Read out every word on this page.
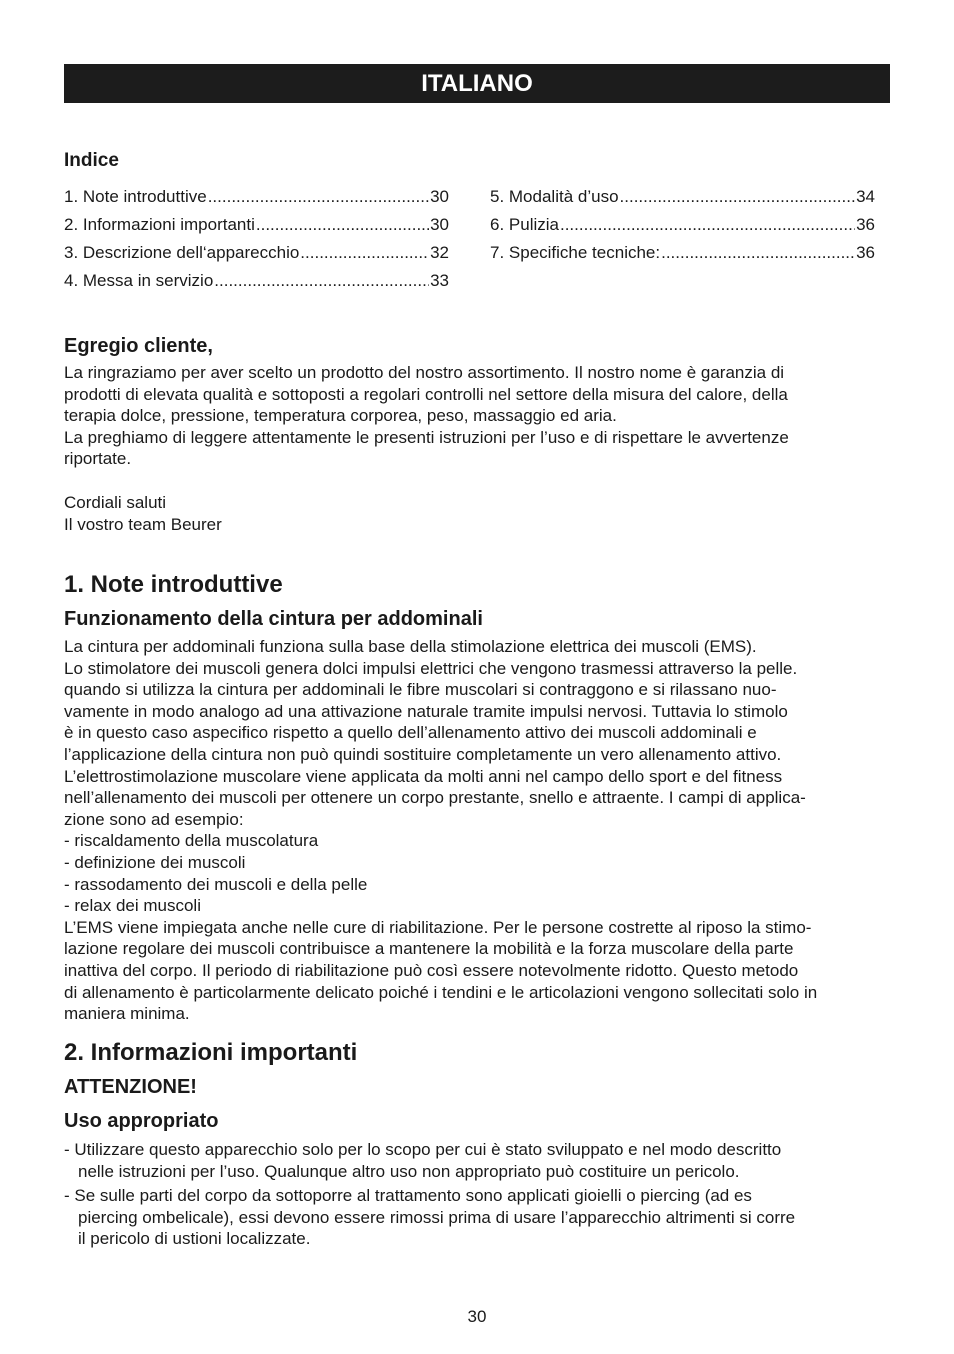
ITALIANO
Indice
1. Note introduttive .....	30
2. Informazioni importanti .....	30
3. Descrizione dell‘apparecchio .....	32
4. Messa in servizio .....	33
5. Modalità d’uso .....	34
6. Pulizia .....	36
7. Specifiche tecniche: .....	36
Egregio cliente,

La ringraziamo per aver scelto un prodotto del nostro assortimento. Il nostro nome è garanzia di

prodotti di elevata qualità e sottoposti a regolari controlli nel settore della misura del calore, della

terapia dolce, pressione, temperatura corporea, peso, massaggio ed aria.

La preghiamo di leggere attentamente le presenti istruzioni per l’uso e di rispettare le avvertenze

riportate.

Cordiali saluti

Il vostro team Beurer

1. Note introduttive
Funzionamento della cintura per addominali

La cintura per addominali funziona sulla base della stimolazione elettrica dei muscoli (EMS).

Lo stimolatore dei muscoli genera dolci impulsi elettrici che vengono trasmessi attraverso la pelle.

quando si utilizza la cintura per addominali le fibre muscolari si contraggono e si rilassano nuo-

vamente in modo analogo ad una attivazione naturale tramite impulsi nervosi. Tuttavia lo stimolo

è in questo caso aspecifico rispetto a quello dell’allenamento attivo dei muscoli addominali e

l’applicazione della cintura non può quindi sostituire completamente un vero allenamento attivo.

L’elettrostimolazione muscolare viene applicata da molti anni nel campo dello sport e del fitness

nell’allenamento dei muscoli per ottenere un corpo prestante, snello e attraente. I campi di applica-

zione sono ad esempio:

- riscaldamento della muscolatura

- definizione dei muscoli

- rassodamento dei muscoli e della pelle

- relax dei muscoli

L’EMS viene impiegata anche nelle cure di riabilitazione. Per le persone costrette al riposo la stimo-

lazione regolare dei muscoli contribuisce a mantenere la mobilità e la forza muscolare della parte

inattiva del corpo. Il periodo di riabilitazione può così essere notevolmente ridotto. Questo metodo

di allenamento è particolarmente delicato poiché i tendini e le articolazioni vengono sollecitati solo in

maniera minima.

2. Informazioni importanti
ATTENZIONE!
Uso appropriato

- Utilizzare questo apparecchio solo per lo scopo per cui è stato sviluppato e nel modo descritto

nelle istruzioni per l’uso. Qualunque altro uso non appropriato può costituire un pericolo.

- Se sulle parti del corpo da sottoporre al trattamento sono applicati gioielli o piercing (ad es

piercing ombelicale), essi devono essere rimossi prima di usare l’apparecchio altrimenti si corre

il pericolo di ustioni localizzate.

30
